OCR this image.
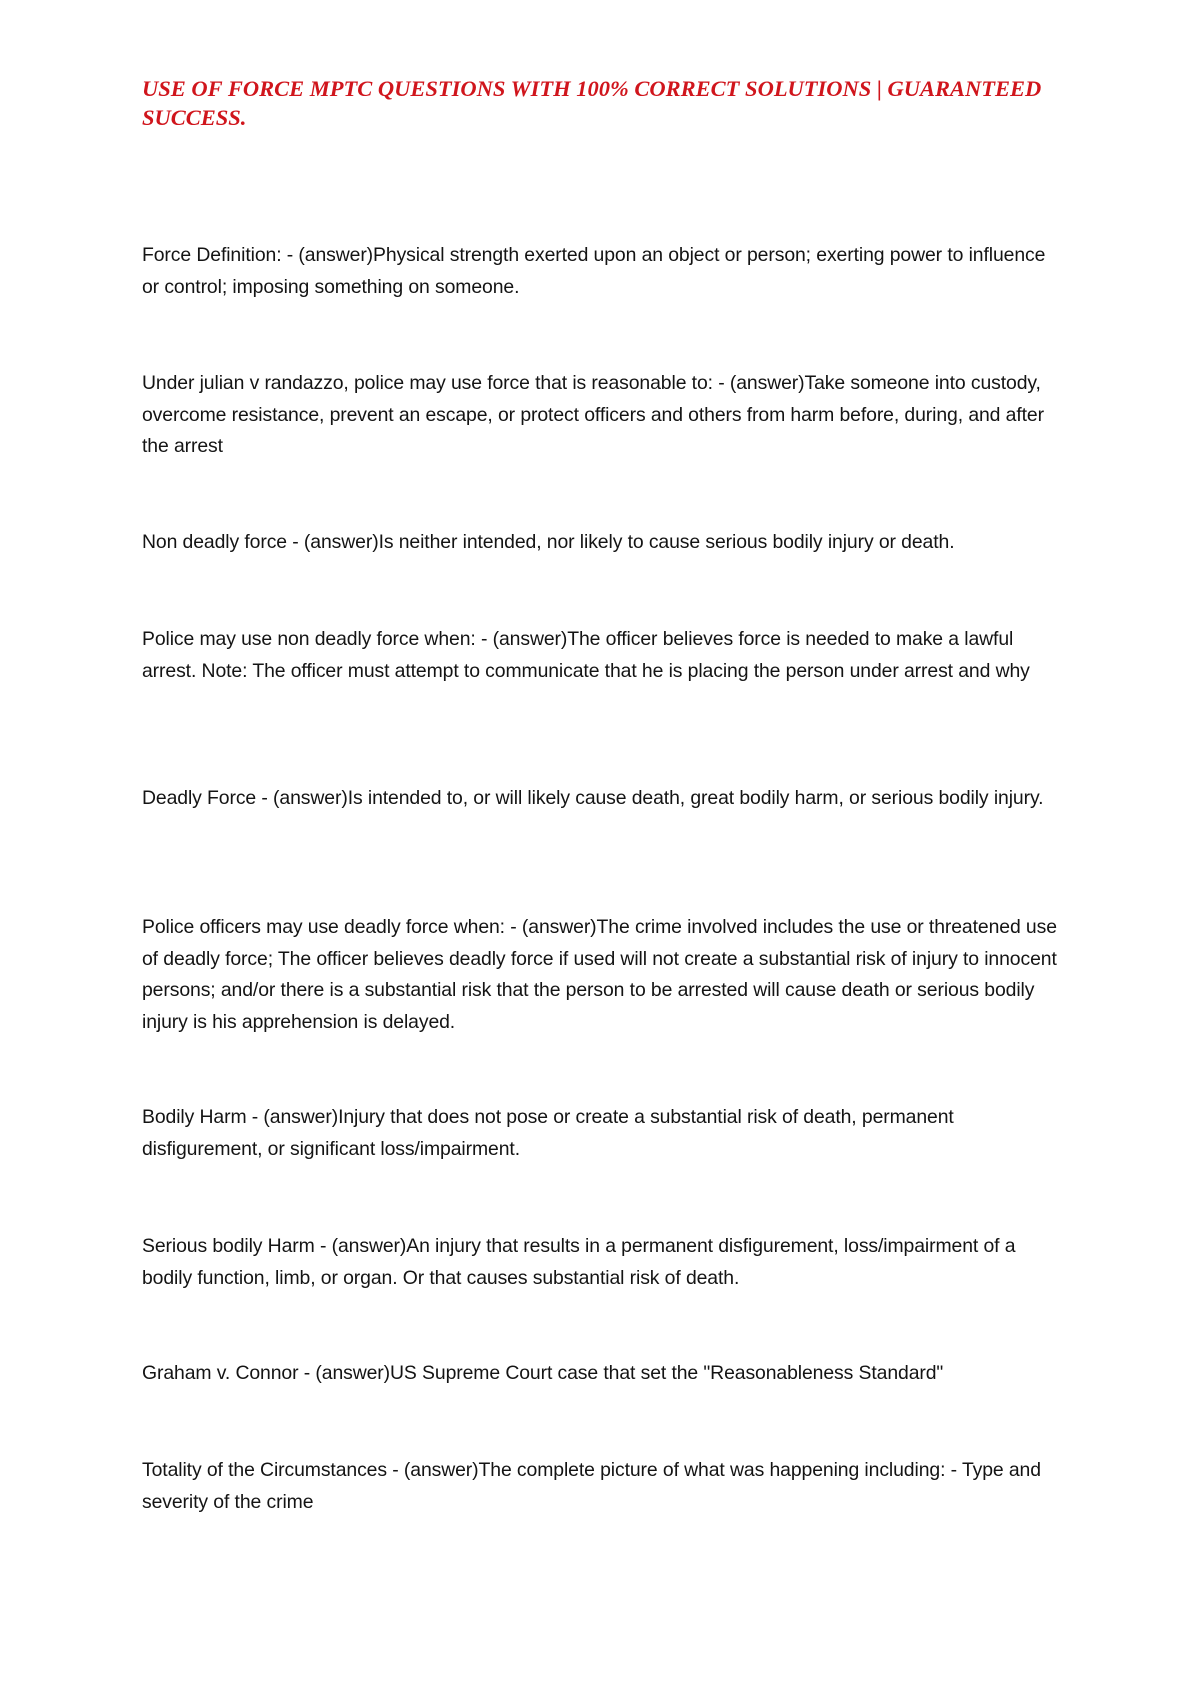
USE OF FORCE MPTC QUESTIONS WITH 100% CORRECT SOLUTIONS | GUARANTEED SUCCESS.

Force Definition: - (answer)Physical strength exerted upon an object or person; exerting power to influence or control; imposing something on someone.

Under julian v randazzo, police may use force that is reasonable to: - (answer)Take someone into custody, overcome resistance, prevent an escape, or protect officers and others from harm before, during, and after the arrest

Non deadly force - (answer)Is neither intended, nor likely to cause serious bodily injury or death.

Police may use non deadly force when: - (answer)The officer believes force is needed to make a lawful arrest. Note: The officer must attempt to communicate that he is placing the person under arrest and why

Deadly Force - (answer)Is intended to, or will likely cause death, great bodily harm, or serious bodily injury.

Police officers may use deadly force when: - (answer)The crime involved includes the use or threatened use of deadly force; The officer believes deadly force if used will not create a substantial risk of injury to innocent persons; and/or there is a substantial risk that the person to be arrested will cause death or serious bodily injury is his apprehension is delayed.

Bodily Harm - (answer)Injury that does not pose or create a substantial risk of death, permanent disfigurement, or significant loss/impairment.

Serious bodily Harm - (answer)An injury that results in a permanent disfigurement, loss/impairment of a bodily function, limb, or organ. Or that causes substantial risk of death.

Graham v. Connor - (answer)US Supreme Court case that set the "Reasonableness Standard"

Totality of the Circumstances - (answer)The complete picture of what was happening including: - Type and severity of the crime
